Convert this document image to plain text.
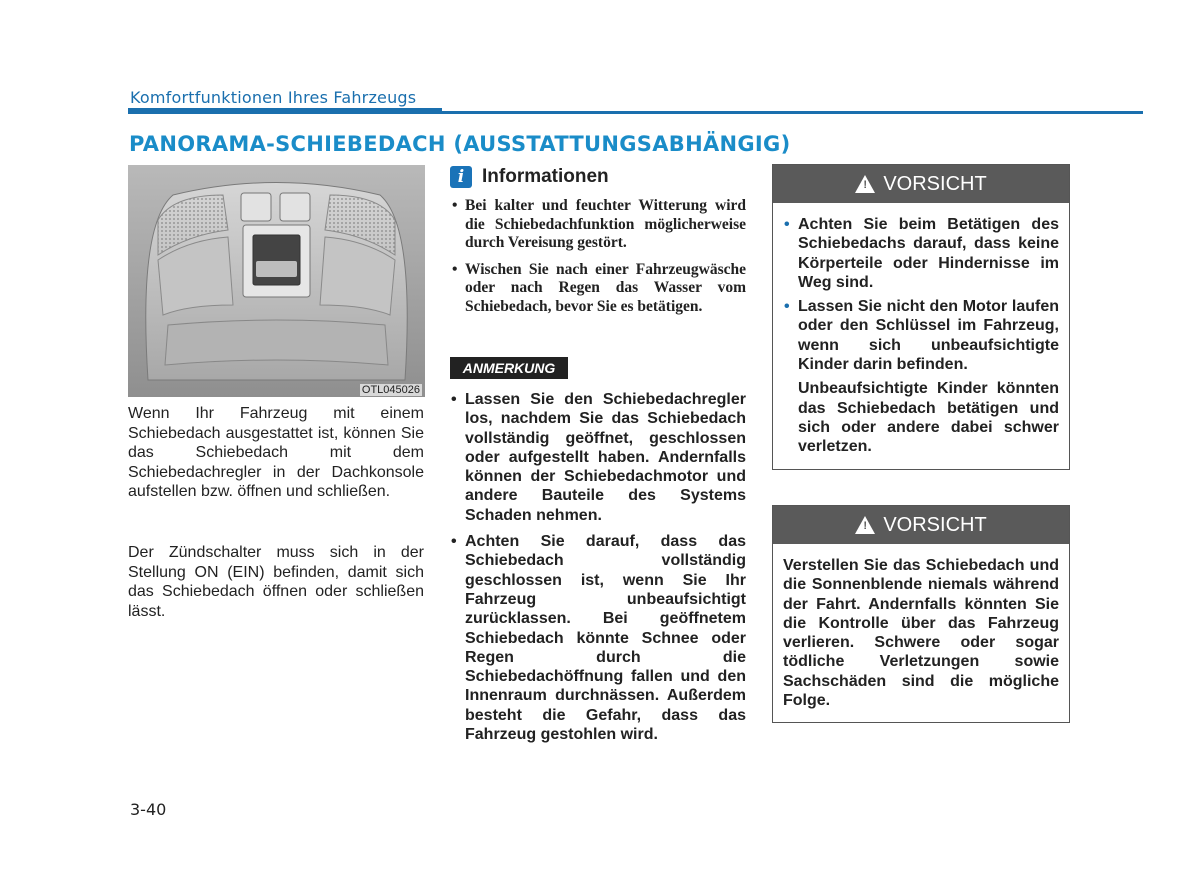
Komfortfunktionen Ihres Fahrzeugs
PANORAMA-SCHIEBEDACH (AUSSTATTUNGSABHÄNGIG)
OTL045026
Wenn Ihr Fahrzeug mit einem Schiebedach ausgestattet ist, können Sie das Schiebedach mit dem Schiebedachregler in der Dachkonsole aufstellen bzw. öffnen und schließen.
Der Zündschalter muss sich in der Stellung ON (EIN) befinden, damit sich das Schiebedach öffnen oder schließen lässt.
i Informationen
• Bei kalter und feuchter Witterung wird die Schiebedachfunktion möglicherweise durch Vereisung gestört.
• Wischen Sie nach einer Fahrzeugwäsche oder nach Regen das Wasser vom Schiebedach, bevor Sie es betätigen.
ANMERKUNG
• Lassen Sie den Schiebedachregler los, nachdem Sie das Schiebedach vollständig geöffnet, geschlossen oder aufgestellt haben. Andernfalls können der Schiebedachmotor und andere Bauteile des Systems Schaden nehmen.
• Achten Sie darauf, dass das Schiebedach vollständig geschlossen ist, wenn Sie Ihr Fahrzeug unbeaufsichtigt zurücklassen. Bei geöffnetem Schiebedach könnte Schnee oder Regen durch die Schiebedachöffnung fallen und den Innenraum durchnässen. Außerdem besteht die Gefahr, dass das Fahrzeug gestohlen wird.
! VORSICHT
• Achten Sie beim Betätigen des Schiebedachs darauf, dass keine Körperteile oder Hindernisse im Weg sind.
• Lassen Sie nicht den Motor laufen oder den Schlüssel im Fahrzeug, wenn sich unbeaufsichtigte Kinder darin befinden.

Unbeaufsichtigte Kinder könnten das Schiebedach betätigen und sich oder andere dabei schwer verletzen.

! VORSICHT

Verstellen Sie das Schiebedach und die Sonnenblende niemals während der Fahrt. Andernfalls könnten Sie die Kontrolle über das Fahrzeug verlieren. Schwere oder sogar tödliche Verletzungen sowie Sachschäden sind die mögliche Folge.

3-40
